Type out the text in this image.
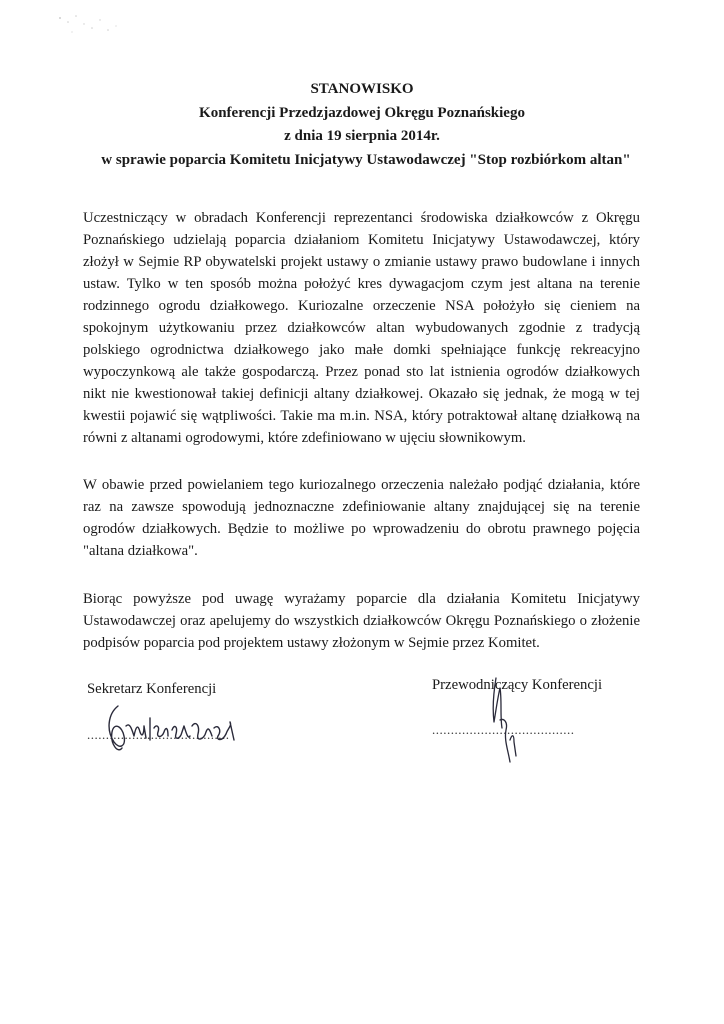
STANOWISKO
Konferencji Przedzjazdowej Okręgu Poznańskiego
z dnia 19 sierpnia 2014r.
w sprawie poparcia Komitetu Inicjatywy Ustawodawczej "Stop rozbiórkom altan"

Uczestniczący w obradach Konferencji reprezentanci środowiska działkowców z Okręgu Poznańskiego udzielają poparcia działaniom Komitetu Inicjatywy Ustawodawczej, który złożył w Sejmie RP obywatelski projekt ustawy o zmianie ustawy prawo budowlane i innych ustaw. Tylko w ten sposób można położyć kres dywagacjom czym jest altana na terenie rodzinnego ogrodu działkowego. Kuriozalne orzeczenie NSA położyło się cieniem na spokojnym użytkowaniu przez działkowców altan wybudowanych zgodnie z tradycją polskiego ogrodnictwa działkowego jako małe domki spełniające funkcję rekreacyjno wypoczynkową ale także gospodarczą. Przez ponad sto lat istnienia ogrodów działkowych nikt nie kwestionował takiej definicji altany działkowej. Okazało się jednak, że mogą w tej kwestii pojawić się wątpliwości. Takie ma m.in. NSA, który potraktował altanę działkową na równi z altanami ogrodowymi, które zdefiniowano w ujęciu słownikowym.

W obawie przed powielaniem tego kuriozalnego orzeczenia należało podjąć działania, które raz na zawsze spowodują jednoznaczne zdefiniowanie altany znajdującej się na terenie ogrodów działkowych. Będzie to możliwe po wprowadzeniu do obrotu prawnego pojęcia "altana działkowa".

Biorąc powyższe pod uwagę wyrażamy poparcie dla działania Komitetu Inicjatywy Ustawodawczej oraz apelujemy do wszystkich działkowców Okręgu Poznańskiego o złożenie podpisów poparcia pod projektem ustawy złożonym w Sejmie przez Komitet.

Sekretarz Konferencji	Przewodniczący Konferencji
......................................	......................................
